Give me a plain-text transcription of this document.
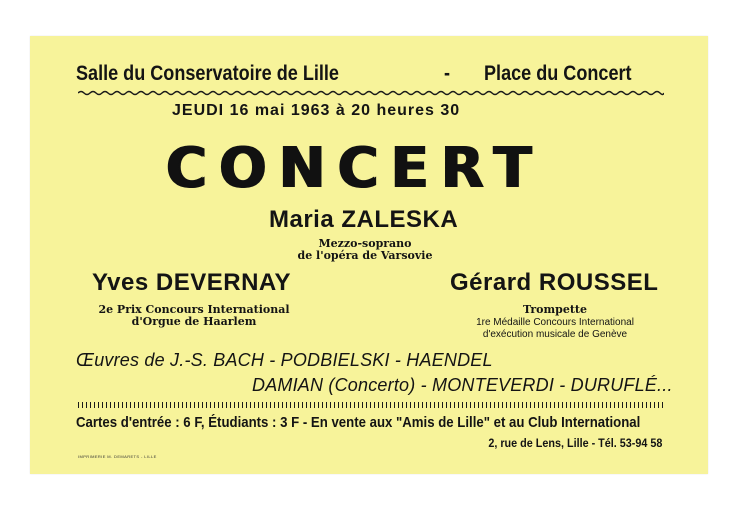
Salle du Conservatoire de Lille	- Place du Concert
JEUDI 16 mai 1963 à 20 heures 30
CONCERT
Maria ZALESKA
Mezzo-soprano
de l'opéra de Varsovie
Yves DEVERNAY
2e Prix Concours International
d'Orgue de Haarlem
Gérard ROUSSEL
Trompette
1re Médaille Concours International
d'exécution musicale de Genève
Œuvres de J.-S. BACH - PODBIELSKI - HAENDEL
DAMIAN (Concerto) - MONTEVERDI - DURUFLÉ...
Cartes d'entrée : 6 F, Étudiants : 3 F - En vente aux "Amis de Lille" et au Club International
2, rue de Lens, Lille - Tél. 53-94 58
IMPRIMERIE M. DEMARETS - LILLE
